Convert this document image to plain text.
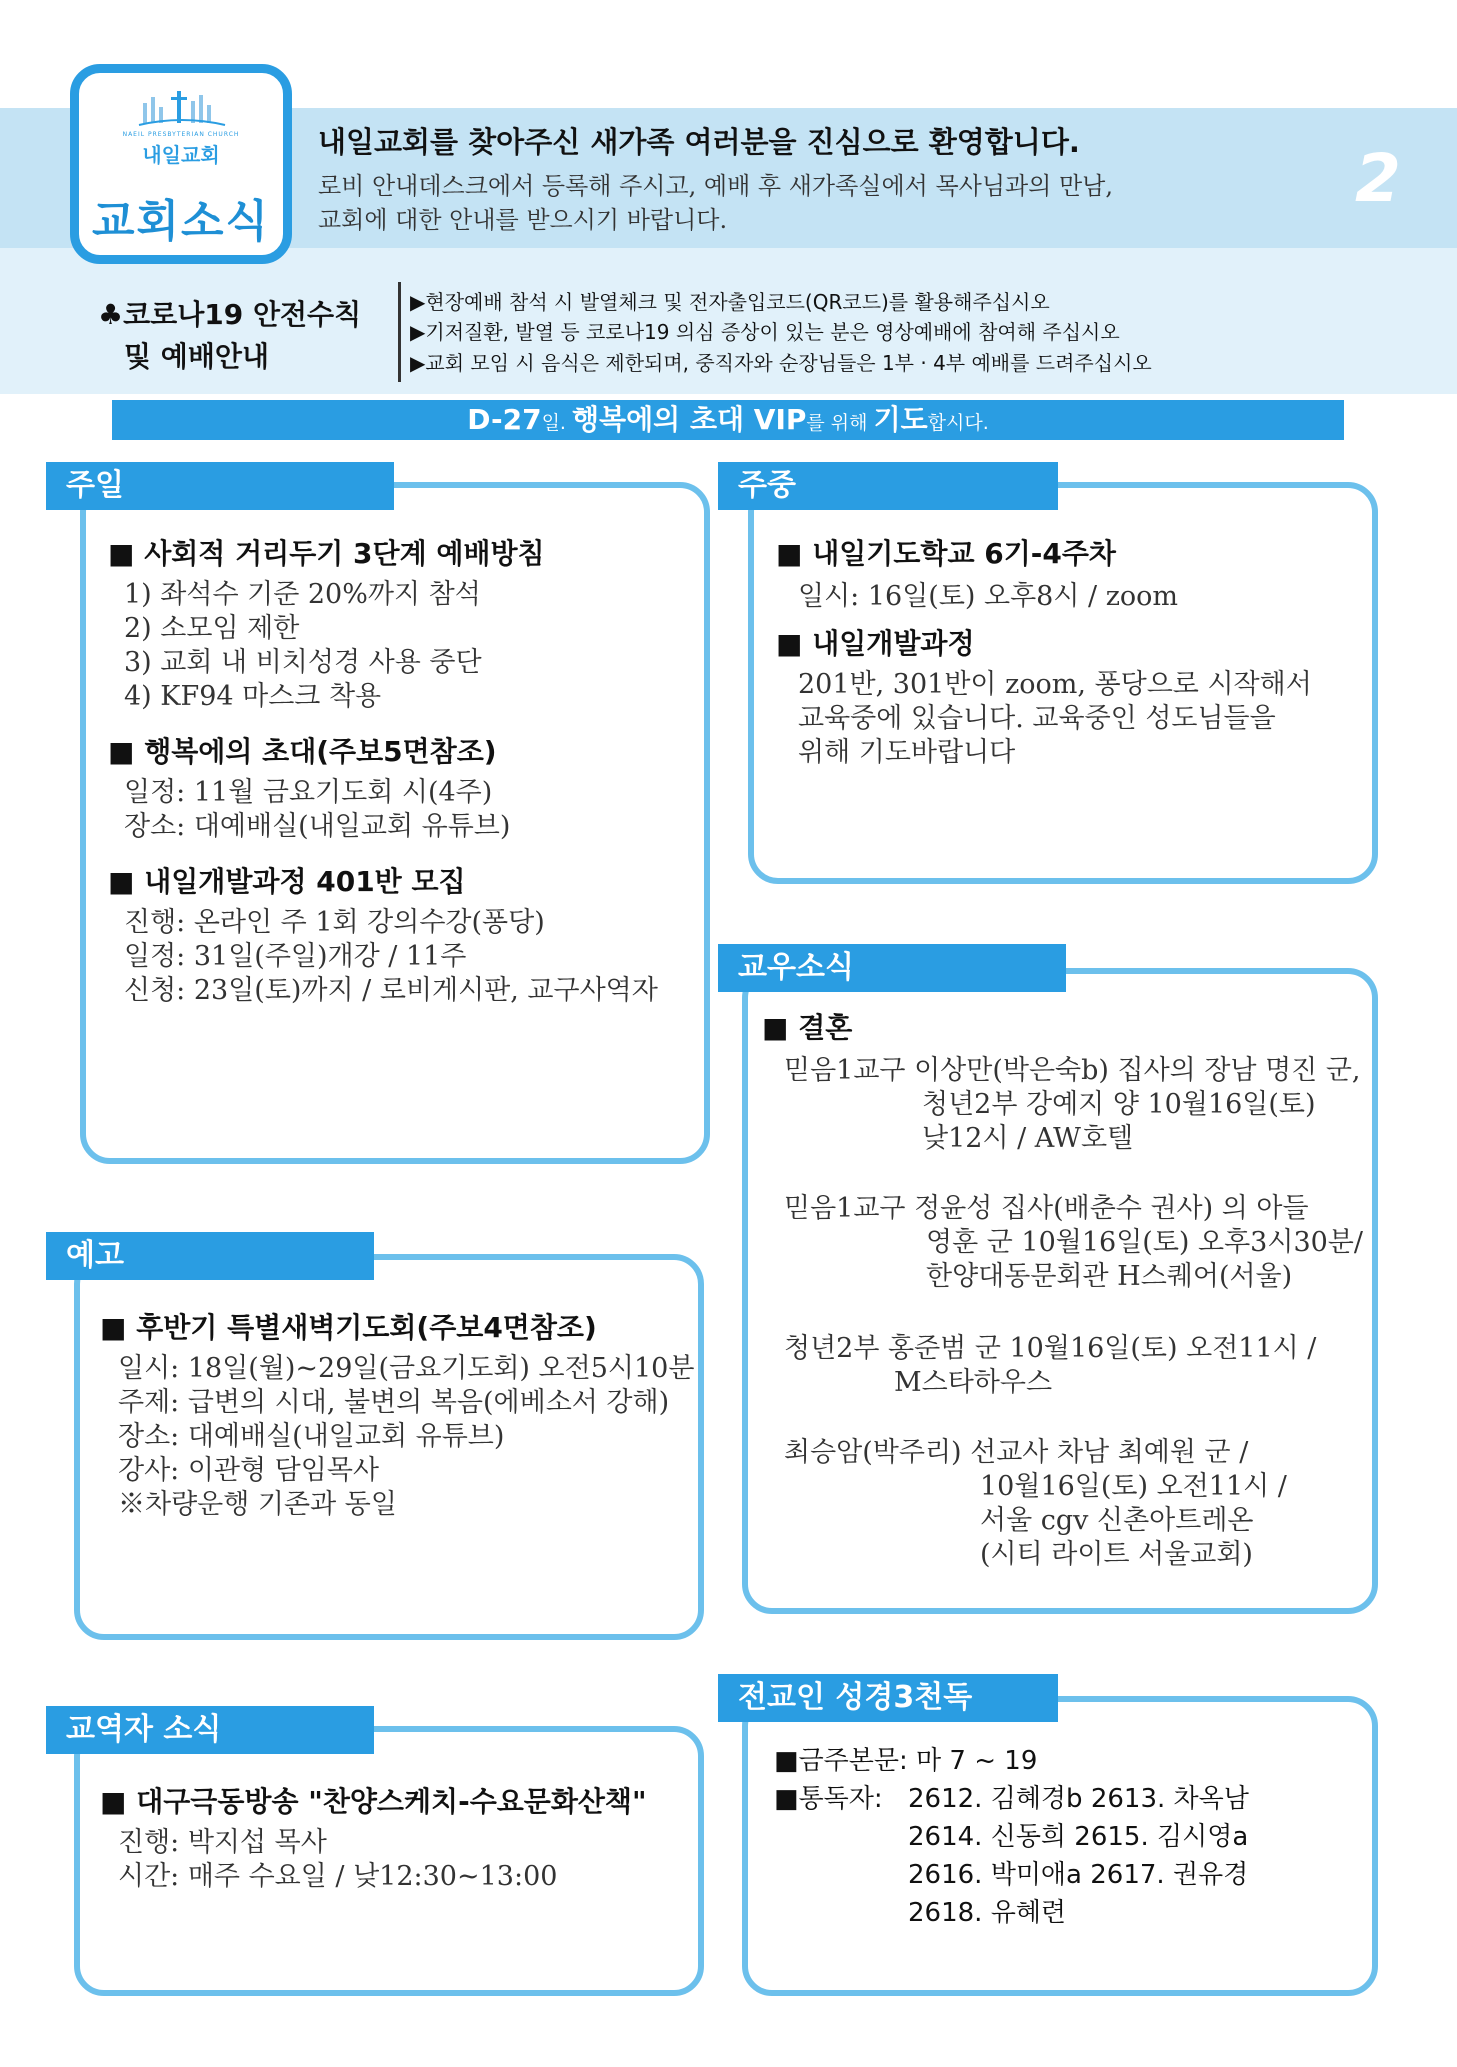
NAEIL PRESBYTERIAN CHURCH
내일교회
교회소식
내일교회를 찾아주신 새가족 여러분을 진심으로 환영합니다.
로비 안내데스크에서 등록해 주시고, 예배 후 새가족실에서 목사님과의 만남,
교회에 대한 안내를 받으시기 바랍니다.
2
♣코로나19 안전수칙
및 예배안내
▶현장예배 참석 시 발열체크 및 전자출입코드(QR코드)를 활용해주십시오
▶기저질환, 발열 등 코로나19 의심 증상이 있는 분은 영상예배에 참여해 주십시오
▶교회 모임 시 음식은 제한되며, 중직자와 순장님들은 1부 · 4부 예배를 드려주십시오
D-27일. 행복에의 초대 VIP를 위해 기도합시다.
주일
■ 사회적 거리두기 3단계 예배방침
1) 좌석수 기준 20%까지 참석
2) 소모임 제한
3) 교회 내 비치성경 사용 중단
4) KF94 마스크 착용
■ 행복에의 초대(주보5면참조)
일정: 11월 금요기도회 시(4주)
장소: 대예배실(내일교회 유튜브)
■ 내일개발과정 401반 모집
진행: 온라인 주 1회 강의수강(퐁당)
일정: 31일(주일)개강 / 11주
신청: 23일(토)까지 / 로비게시판, 교구사역자
주중
■ 내일기도학교 6기-4주차
일시: 16일(토) 오후8시 / zoom
■ 내일개발과정
201반, 301반이 zoom, 퐁당으로 시작해서
교육중에 있습니다. 교육중인 성도님들을
위해 기도바랍니다
예고
■ 후반기 특별새벽기도회(주보4면참조)
일시: 18일(월)~29일(금요기도회) 오전5시10분
주제: 급변의 시대, 불변의 복음(에베소서 강해)
장소: 대예배실(내일교회 유튜브)
강사: 이관형 담임목사
※차량운행 기존과 동일
교우소식
■ 결혼
믿음1교구 이상만(박은숙b) 집사의 장남 명진 군,
청년2부 강예지 양 10월16일(토)
낮12시 / AW호텔
믿음1교구 정윤성 집사(배춘수 권사) 의 아들
영훈 군 10월16일(토) 오후3시30분/
한양대동문회관 H스퀘어(서울)
청년2부 홍준범 군 10월16일(토) 오전11시 /
M스타하우스
최승암(박주리) 선교사 차남 최예원 군 /
10월16일(토) 오전11시 /
서울 cgv 신촌아트레온
(시티 라이트 서울교회)
교역자 소식
■ 대구극동방송 "찬양스케치-수요문화산책"
진행: 박지섭 목사
시간: 매주 수요일 / 낮12:30~13:00
전교인 성경3천독
■금주본문: 마 7 ~ 19
■통독자: 2612. 김혜경b 2613. 차옥남
2614. 신동희 2615. 김시영a
2616. 박미애a 2617. 권유경
2618. 유혜련
